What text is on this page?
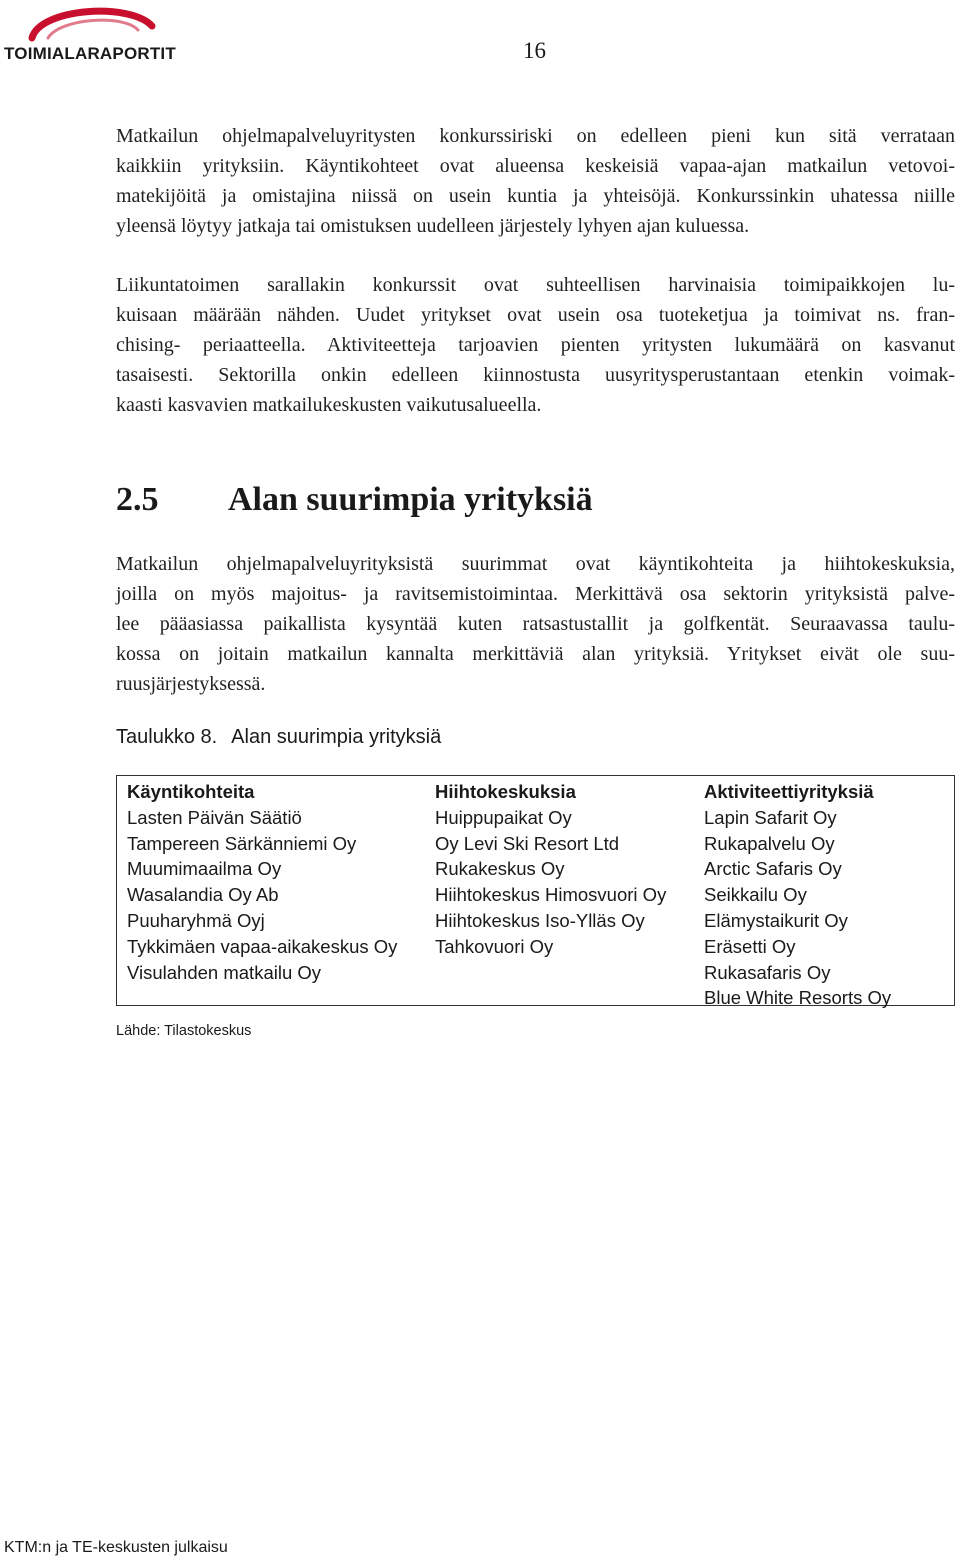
TOIMIALARAPORTIT	16

Matkailun ohjelmapalveluyritysten konkurssiriski on edelleen pieni kun sitä verrataan
kaikkiin yrityksiin. Käyntikohteet ovat alueensa keskeisiä vapaa-ajan matkailun vetovoi-
matekijöitä ja omistajina niissä on usein kuntia ja yhteisöjä. Konkurssinkin uhatessa niille
yleensä löytyy jatkaja tai omistuksen uudelleen järjestely lyhyen ajan kuluessa.

Liikuntatoimen sarallakin konkurssit ovat suhteellisen harvinaisia toimipaikkojen lu-
kuisaan määrään nähden. Uudet yritykset ovat usein osa tuoteketjua ja toimivat ns. fran-
chising- periaatteella. Aktiviteetteja tarjoavien pienten yritysten lukumäärä on kasvanut
tasaisesti. Sektorilla onkin edelleen kiinnostusta uusyritysperustantaan etenkin voimak-
kaasti kasvavien matkailukeskusten vaikutusalueella.

2.5 Alan suurimpia yrityksiä

Matkailun ohjelmapalveluyrityksistä suurimmat ovat käyntikohteita ja hiihtokeskuksia,
joilla on myös majoitus- ja ravitsemistoimintaa. Merkittävä osa sektorin yrityksistä palve-
lee pääasiassa paikallista kysyntää kuten ratsastustallit ja golfkentät. Seuraavassa taulu-
kossa on joitain matkailun kannalta merkittäviä alan yrityksiä. Yritykset eivät ole suu-
ruusjärjestyksessä.

Taulukko 8. Alan suurimpia yrityksiä

Käyntikohteita
Lasten Päivän Säätiö
Tampereen Särkänniemi Oy
Muumimaailma Oy
Wasalandia Oy Ab
Puuharyhmä Oyj
Tykkimäen vapaa-aikakeskus Oy
Visulahden matkailu Oy
Hiihtokeskuksia
Huippupaikat Oy
Oy Levi Ski Resort Ltd
Rukakeskus Oy
Hiihtokeskus Himosvuori Oy
Hiihtokeskus Iso-Ylläs Oy
Tahkovuori Oy
Aktiviteettiyrityksiä
Lapin Safarit Oy
Rukapalvelu Oy
Arctic Safaris Oy
Seikkailu Oy
Elämystaikurit Oy
Eräsetti Oy
Rukasafaris Oy
Blue White Resorts Oy
Lähde: Tilastokeskus
KTM:n ja TE-keskusten julkaisu
